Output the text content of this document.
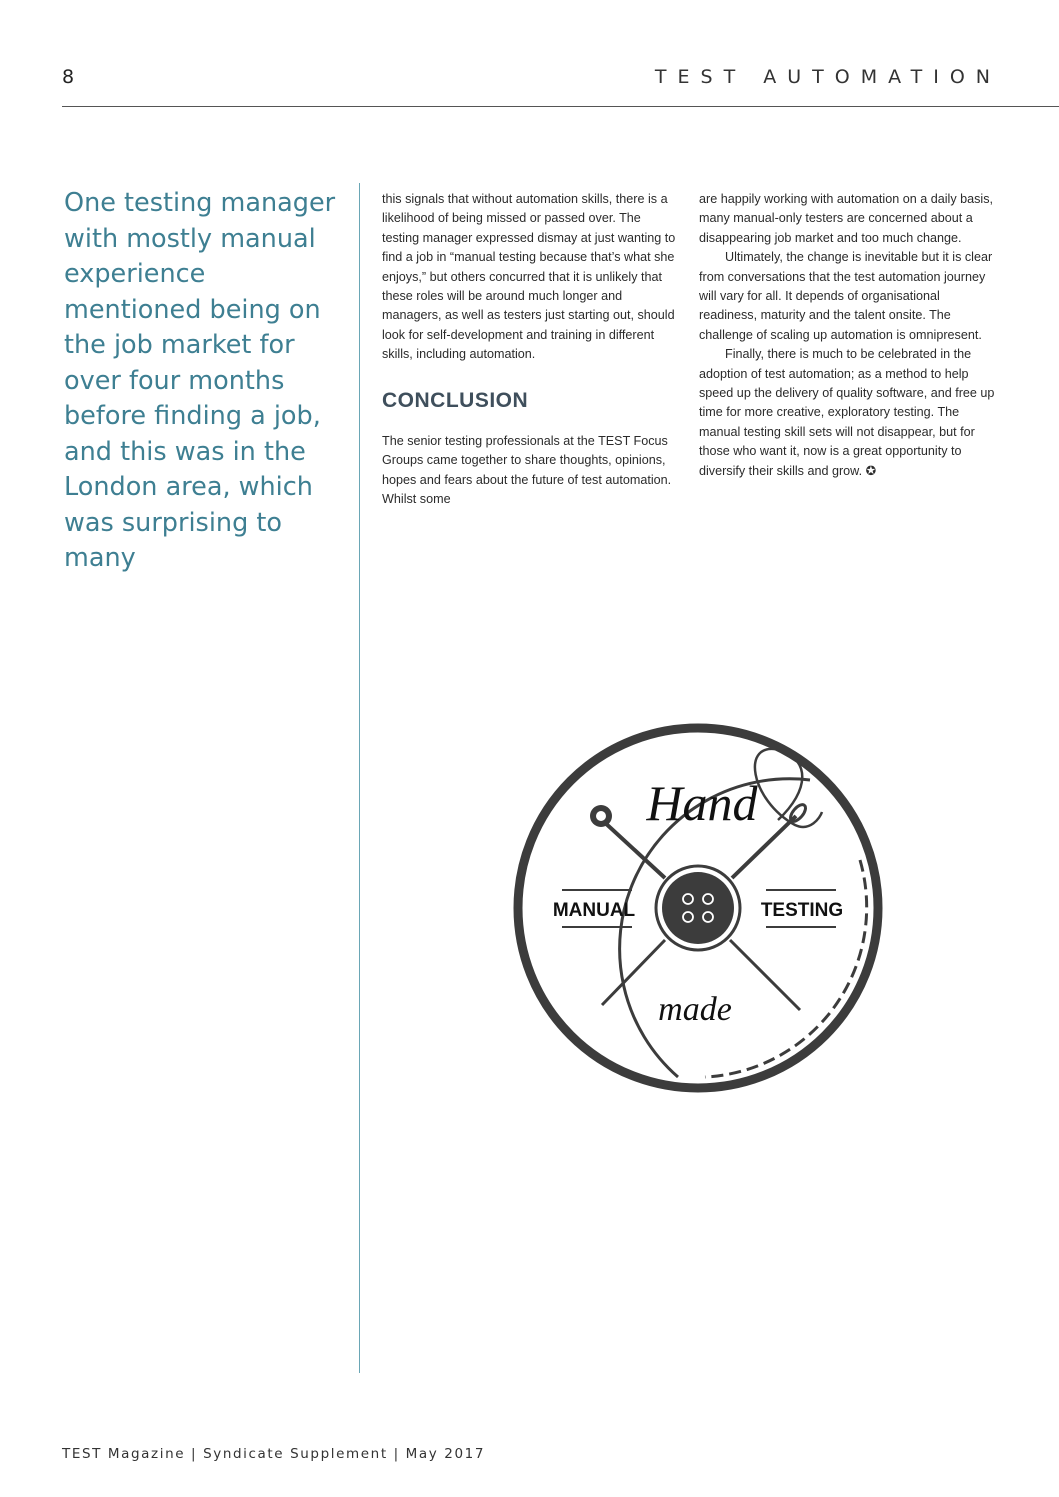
8	TEST AUTOMATION

One testing manager with mostly manual experience mentioned being on the job market for over four months before finding a job, and this was in the London area, which was surprising to many

this signals that without automation skills, there is a likelihood of being missed or passed over. The testing manager expressed dismay at just wanting to find a job in “manual testing because that’s what she enjoys,” but others concurred that it is unlikely that these roles will be around much longer and managers, as well as testers just starting out, should look for self-development and training in different skills, including automation.

CONCLUSION

The senior testing professionals at the TEST Focus Groups came together to share thoughts, opinions, hopes and fears about the future of test automation. Whilst some

are happily working with automation on a daily basis, many manual-only testers are concerned about a disappearing job market and too much change.

Ultimately, the change is inevitable but it is clear from conversations that the test automation journey will vary for all. It depends of organisational readiness, maturity and the talent onsite. The challenge of scaling up automation is omnipresent.

Finally, there is much to be celebrated in the adoption of test automation; as a method to help speed up the delivery of quality software, and free up time for more creative, exploratory testing. The manual testing skill sets will not disappear, but for those who want it, now is a great opportunity to diversify their skills and grow. ✪

MANUAL	TESTING
Hand
made
TEST Magazine | Syndicate Supplement | May 2017
